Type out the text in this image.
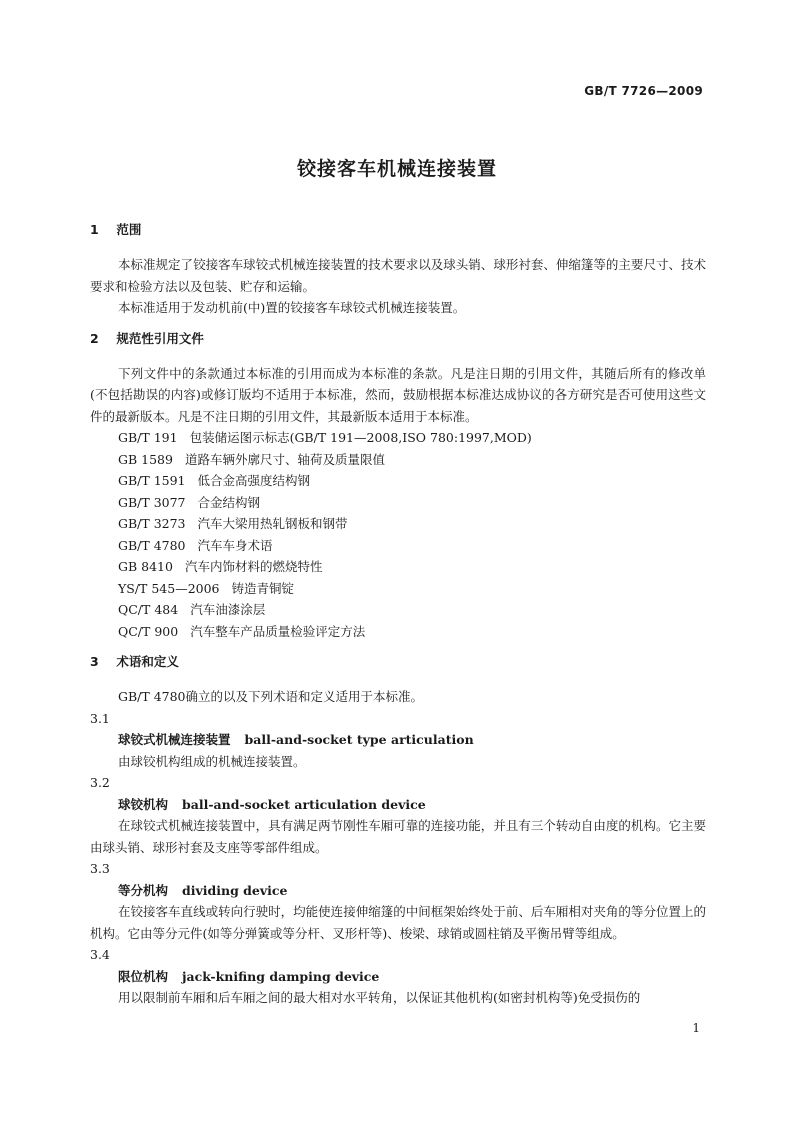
GB/T 7726—2009
铰接客车机械连接装置
1 范围

本标准规定了铰接客车球铰式机械连接装置的技术要求以及球头销、球形衬套、伸缩篷等的主要尺寸、技术要求和检验方法以及包装、贮存和运输。

本标准适用于发动机前(中)置的铰接客车球铰式机械连接装置。

2 规范性引用文件

下列文件中的条款通过本标准的引用而成为本标准的条款。凡是注日期的引用文件，其随后所有的修改单(不包括勘误的内容)或修订版均不适用于本标准，然而，鼓励根据本标准达成协议的各方研究是否可使用这些文件的最新版本。凡是不注日期的引用文件，其最新版本适用于本标准。

GB/T 191 包装储运图示标志(GB/T 191—2008,ISO 780:1997,MOD)
GB 1589 道路车辆外廓尺寸、轴荷及质量限值
GB/T 1591 低合金高强度结构钢
GB/T 3077 合金结构钢
GB/T 3273 汽车大梁用热轧钢板和钢带
GB/T 4780 汽车车身术语
GB 8410 汽车内饰材料的燃烧特性
YS/T 545—2006 铸造青铜锭
QC/T 484 汽车油漆涂层
QC/T 900 汽车整车产品质量检验评定方法
3 术语和定义

GB/T 4780确立的以及下列术语和定义适用于本标准。

3.1

球铰式机械连接装置 ball-and-socket type articulation

由球铰机构组成的机械连接装置。

3.2

球铰机构 ball-and-socket articulation device

在球铰式机械连接装置中，具有满足两节刚性车厢可靠的连接功能，并且有三个转动自由度的机构。它主要由球头销、球形衬套及支座等零部件组成。

3.3

等分机构 dividing device

在铰接客车直线或转向行驶时，均能使连接伸缩篷的中间框架始终处于前、后车厢相对夹角的等分位置上的机构。它由等分元件(如等分弹簧或等分杆、叉形杆等)、梭梁、球销或圆柱销及平衡吊臂等组成。

3.4

限位机构 jack-knifing damping device

用以限制前车厢和后车厢之间的最大相对水平转角，以保证其他机构(如密封机构等)免受损伤的

1
